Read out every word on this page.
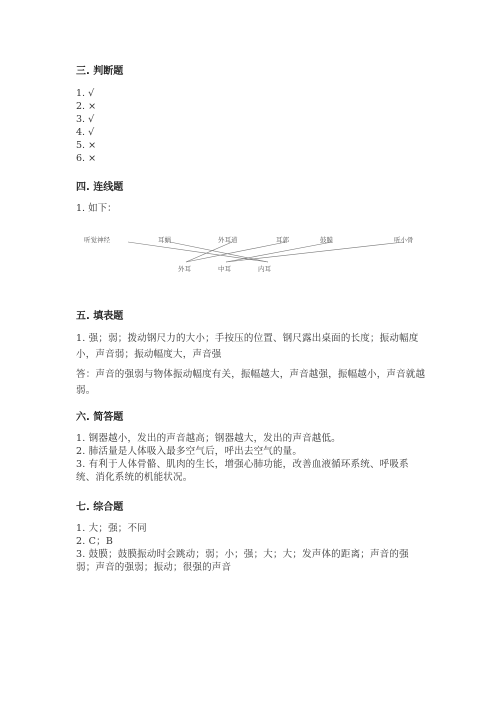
三. 判断题
1. √
2. ×
3. √
4. √
5. ×
6. ×
四. 连线题
1. 如下：
听觉神经	耳蜗	外耳道	耳郭	鼓膜	听小骨
外耳	中耳	内耳
五. 填表题
1. 强；弱；拨动钢尺力的大小；手按压的位置、钢尺露出桌面的长度；振动幅度小，声音弱；振动幅度大，声音强
答：声音的强弱与物体振动幅度有关，振幅越大，声音越强，振幅越小，声音就越弱。
六. 简答题
1. 钢器越小，发出的声音越高；钢器越大，发出的声音越低。
2. 肺活量是人体吸入最多空气后，呼出去空气的量。
3. 有利于人体骨骼、肌肉的生长，增强心肺功能，改善血液循环系统、呼吸系统、消化系统的机能状况。
七. 综合题
1. 大；强；不同
2. C；B
3. 鼓膜；鼓膜振动时会跳动；弱；小；强；大；大；发声体的距离；声音的强弱；声音的强弱；振动；很强的声音
